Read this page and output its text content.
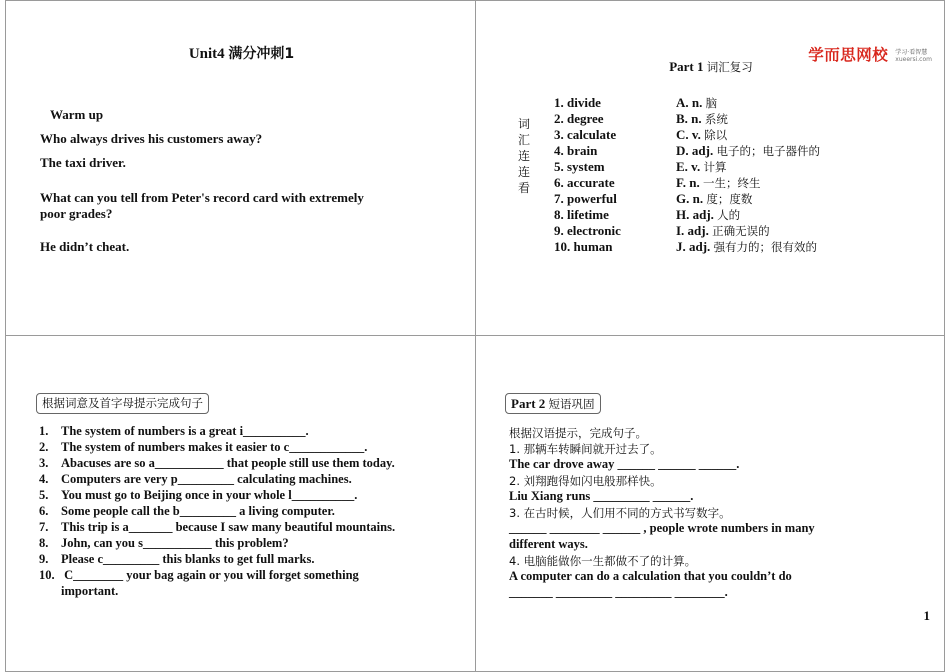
Unit4 满分冲刺1
Warm up
Who always drives his customers away?
The taxi driver.
What can you tell from Peter's record card with extremely
poor grades?
He didn’t cheat.
学而思网校 学习·看智慧
xueersi.com
Part 1 词汇复习
词
汇
连
连
看
1. divide
2. degree
3. calculate
4. brain
5. system
6. accurate
7. powerful
8. lifetime
9. electronic
10. human
A. n. 脑
B. n. 系统
C. v. 除以
D. adj. 电子的；电子器件的
E. v. 计算
F. n. 一生；终生
G. n. 度；度数
H. adj. 人的
I. adj. 正确无误的
J. adj. 强有力的；很有效的
根据词意及首字母提示完成句子
1. The system of numbers is a great i__________.
2. The system of numbers makes it easier to c____________.
3. Abacuses are so a___________ that people still use them today.
4. Computers are very p_________ calculating machines.
5. You must go to Beijing once in your whole l__________.
6. Some people call the b_________ a living computer.
7. This trip is a_______ because I saw many beautiful mountains.
8. John, can you s___________ this problem?
9. Please c_________ this blanks to get full marks.
10. C________ your bag again or you will forget something
important.
Part 2 短语巩固
根据汉语提示，完成句子。
1. 那辆车转瞬间就开过去了。
The car drove away ______ ______ ______.
2. 刘翔跑得如闪电般那样快。
Liu Xiang runs _________ ______.
3. 在古时候，人们用不同的方式书写数字。
______ ________ ______ , people wrote numbers in many
different ways.
4. 电脑能做你一生都做不了的计算。
A computer can do a calculation that you couldn’t do
_______ _________ _________ ________.
1
